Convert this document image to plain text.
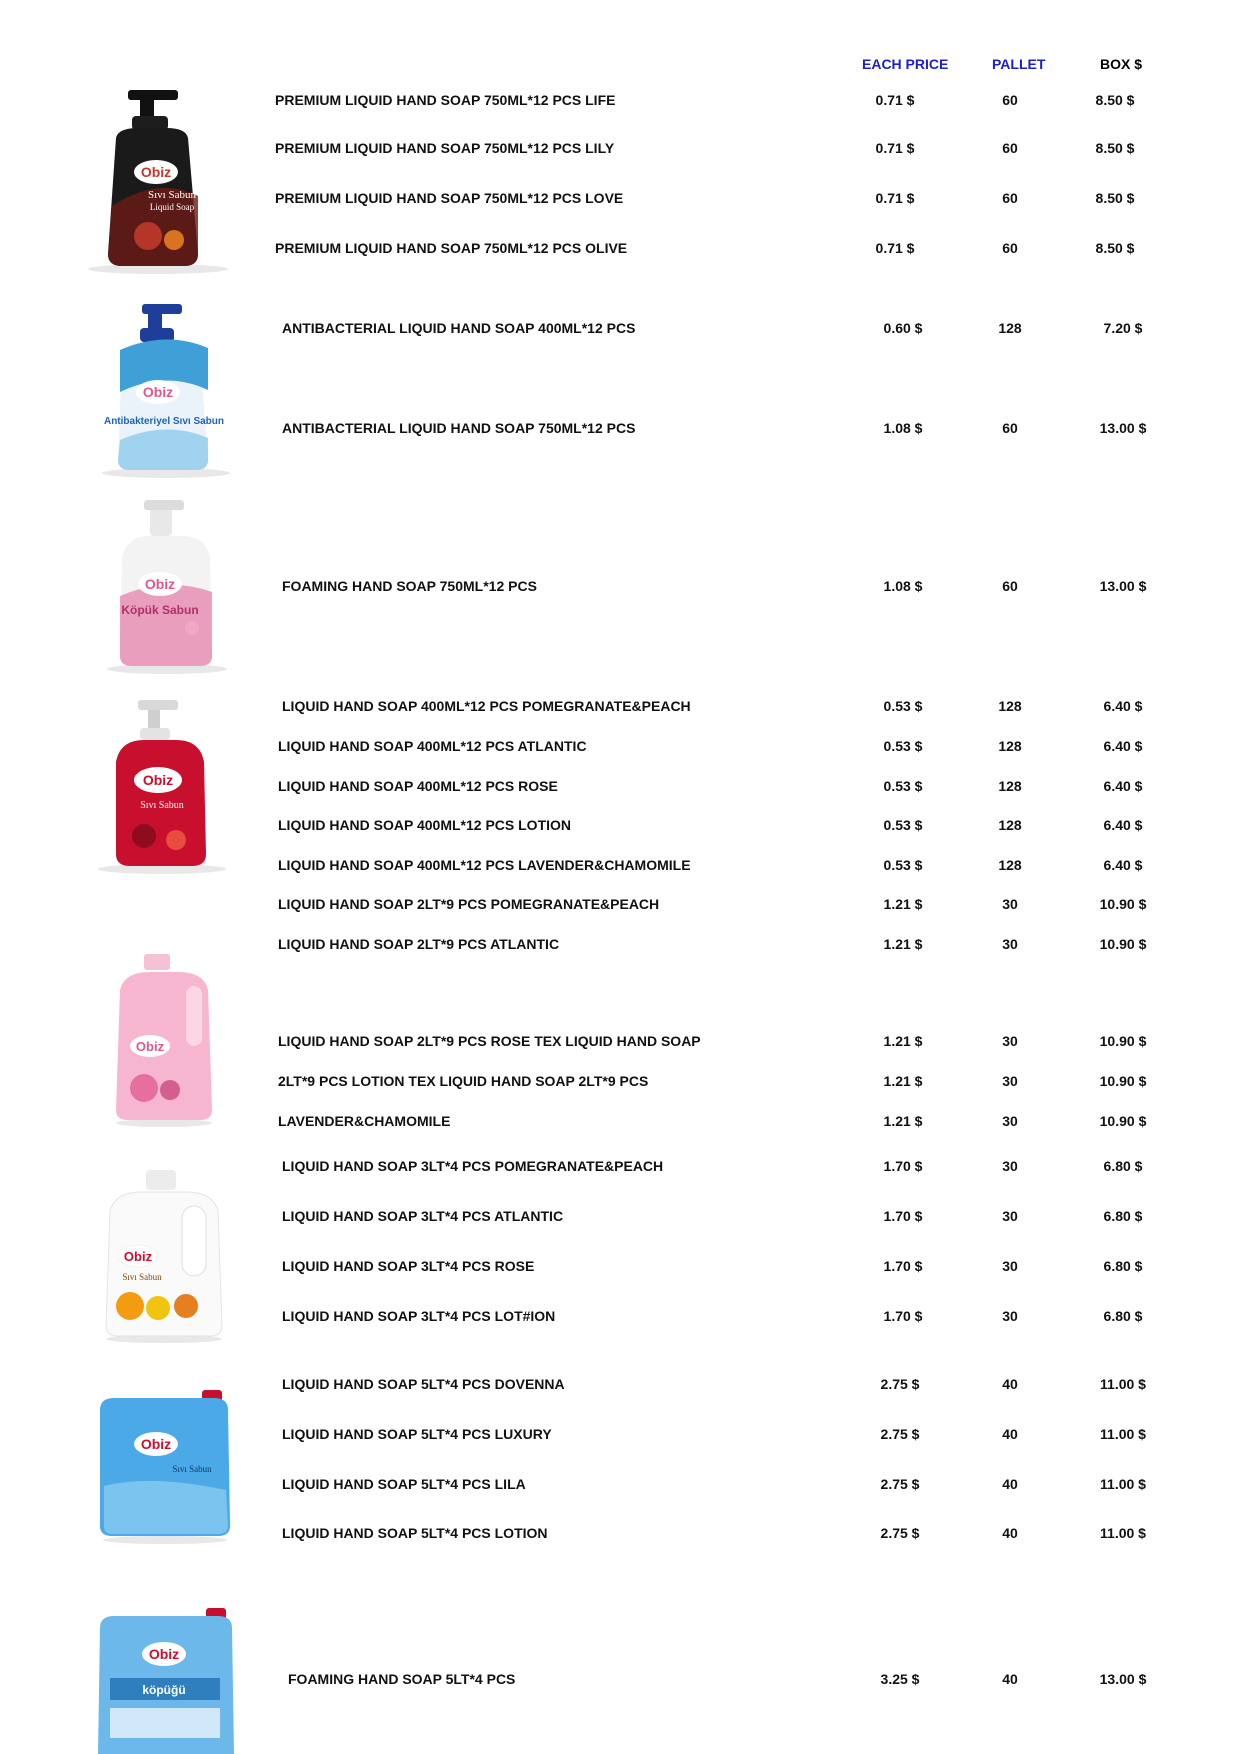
EACH PRICE	PALLET	BOX $
PREMIUM LIQUID HAND SOAP 750ML*12 PCS LIFE	0.71 $	60	8.50 $
PREMIUM LIQUID HAND SOAP 750ML*12 PCS LILY	0.71 $	60	8.50 $
PREMIUM LIQUID HAND SOAP 750ML*12 PCS LOVE	0.71 $	60	8.50 $
PREMIUM LIQUID HAND SOAP 750ML*12 PCS OLIVE	0.71 $	60	8.50 $
ANTIBACTERIAL LIQUID HAND SOAP 400ML*12 PCS	0.60 $	128	7.20 $
ANTIBACTERIAL LIQUID HAND SOAP 750ML*12 PCS	1.08 $	60	13.00 $
FOAMING HAND SOAP 750ML*12 PCS	1.08 $	60	13.00 $
LIQUID HAND SOAP 400ML*12 PCS POMEGRANATE&PEACH	0.53 $	128	6.40 $
LIQUID HAND SOAP 400ML*12 PCS ATLANTIC	0.53 $	128	6.40 $
LIQUID HAND SOAP 400ML*12 PCS ROSE	0.53 $	128	6.40 $
LIQUID HAND SOAP 400ML*12 PCS LOTION	0.53 $	128	6.40 $
LIQUID HAND SOAP 400ML*12 PCS LAVENDER&CHAMOMILE	0.53 $	128	6.40 $
LIQUID HAND SOAP 2LT*9 PCS POMEGRANATE&PEACH	1.21 $	30	10.90 $
LIQUID HAND SOAP 2LT*9 PCS ATLANTIC	1.21 $	30	10.90 $
LIQUID HAND SOAP 2LT*9 PCS ROSE TEX LIQUID HAND SOAP	1.21 $	30	10.90 $
2LT*9 PCS LOTION TEX LIQUID HAND SOAP 2LT*9 PCS	1.21 $	30	10.90 $
LAVENDER&CHAMOMILE	1.21 $	30	10.90 $
LIQUID HAND SOAP 3LT*4 PCS POMEGRANATE&PEACH	1.70 $	30	6.80 $
LIQUID HAND SOAP 3LT*4 PCS ATLANTIC	1.70 $	30	6.80 $
LIQUID HAND SOAP 3LT*4 PCS ROSE	1.70 $	30	6.80 $
LIQUID HAND SOAP 3LT*4 PCS LOT#ION	1.70 $	30	6.80 $
LIQUID HAND SOAP 5LT*4 PCS DOVENNA	2.75 $	40	11.00 $
LIQUID HAND SOAP 5LT*4 PCS LUXURY	2.75 $	40	11.00 $
LIQUID HAND SOAP 5LT*4 PCS LILA	2.75 $	40	11.00 $
LIQUID HAND SOAP 5LT*4 PCS LOTION	2.75 $	40	11.00 $
FOAMING HAND SOAP 5LT*4 PCS	3.25 $	40	13.00 $
Obiz
Sıvı Sabun
Liquid Soap
Obiz
Antibakteriyel Sıvı Sabun
Obiz
Köpük Sabun
Obiz
Sıvı Sabun
Obiz
Obiz
Sıvı Sabun
Obiz
Sıvı Sabun
Obiz
köpüğü
